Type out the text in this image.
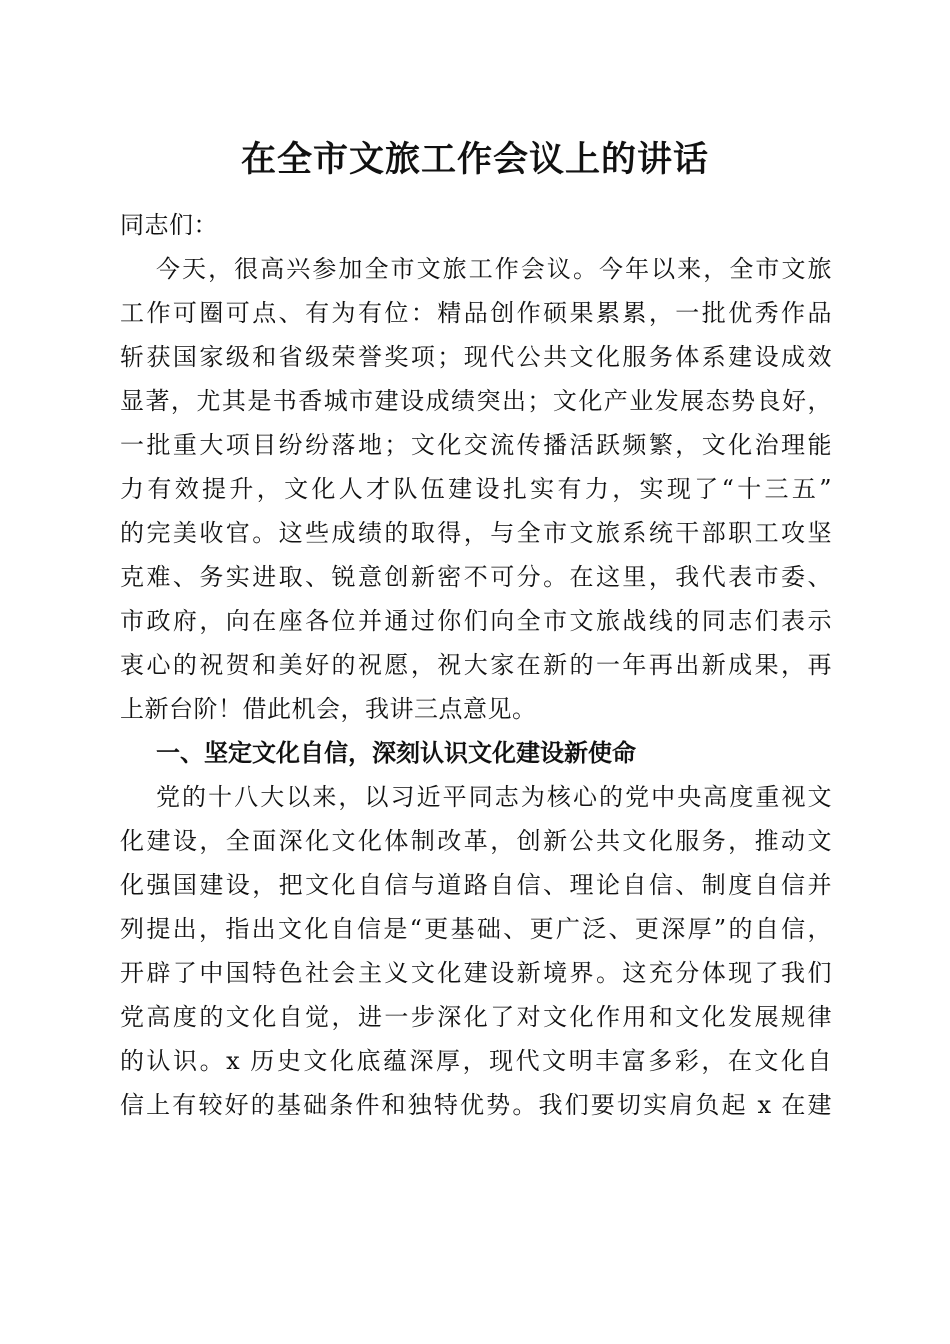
在全市文旅工作会议上的讲话
同志们：
今天，很高兴参加全市文旅工作会议。今年以来，全市文旅
工作可圈可点、有为有位：精品创作硕果累累，一批优秀作品
斩获国家级和省级荣誉奖项；现代公共文化服务体系建设成效
显著，尤其是书香城市建设成绩突出；文化产业发展态势良好，
一批重大项目纷纷落地；文化交流传播活跃频繁，文化治理能
力有效提升，文化人才队伍建设扎实有力，实现了“十三五”
的完美收官。这些成绩的取得，与全市文旅系统干部职工攻坚
克难、务实进取、锐意创新密不可分。在这里，我代表市委、
市政府，向在座各位并通过你们向全市文旅战线的同志们表示
衷心的祝贺和美好的祝愿，祝大家在新的一年再出新成果，再
上新台阶！借此机会，我讲三点意见。
一、坚定文化自信，深刻认识文化建设新使命
党的十八大以来，以习近平同志为核心的党中央高度重视文
化建设，全面深化文化体制改革，创新公共文化服务，推动文
化强国建设，把文化自信与道路自信、理论自信、制度自信并
列提出，指出文化自信是“更基础、更广泛、更深厚”的自信，
开辟了中国特色社会主义文化建设新境界。这充分体现了我们
党高度的文化自觉，进一步深化了对文化作用和文化发展规律
的认识。x 历史文化底蕴深厚，现代文明丰富多彩，在文化自
信上有较好的基础条件和独特优势。我们要切实肩负起 x 在建
